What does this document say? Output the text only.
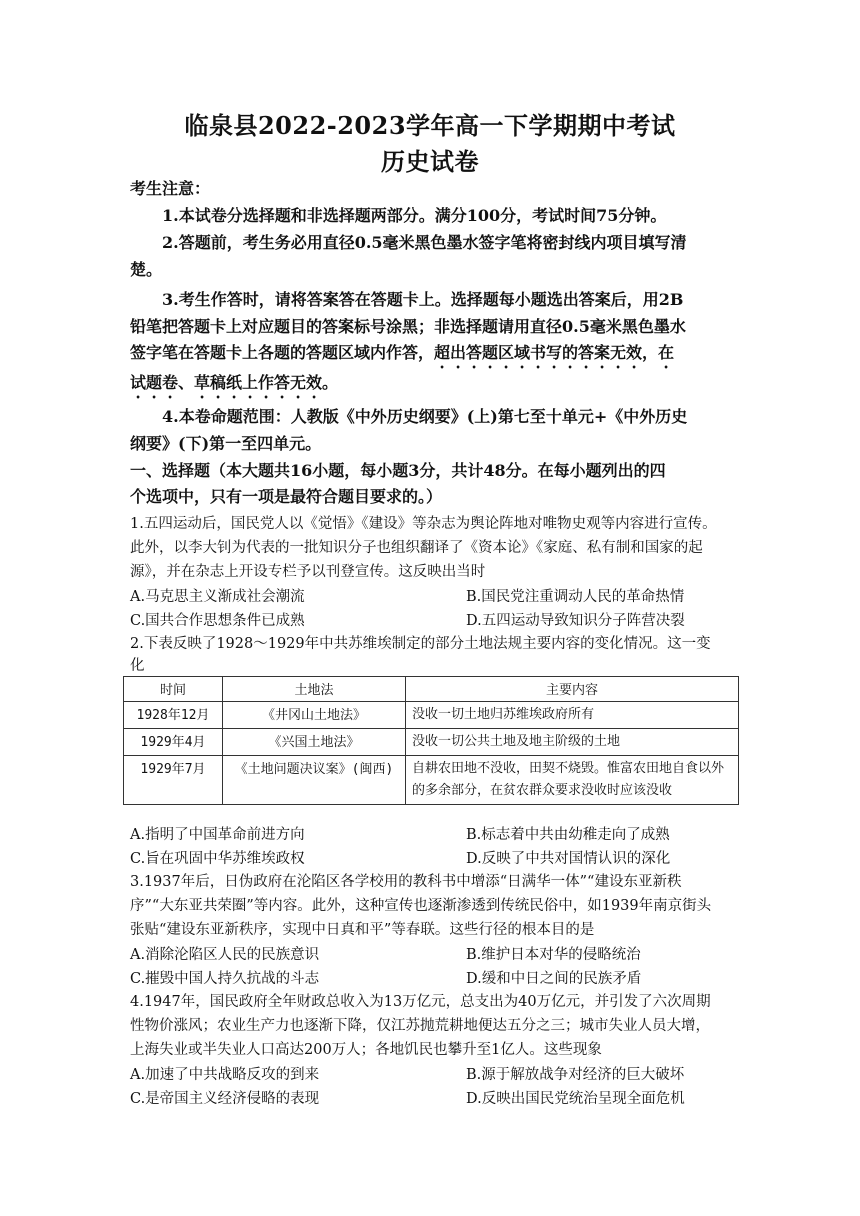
临泉县2022-2023学年高一下学期期中考试
历史试卷
考生注意：
1.本试卷分选择题和非选择题两部分。满分100分，考试时间75分钟。
2.答题前，考生务必用直径0.5毫米黑色墨水签字笔将密封线内项目填写清
楚。
3.考生作答时，请将答案答在答题卡上。选择题每小题选出答案后，用2B
铅笔把答题卡上对应题目的答案标号涂黑；非选择题请用直径0.5毫米黑色墨水
签字笔在答题卡上各题的答题区域内作答，超出答题区域书写的答案无效，在
试题卷、草稿纸上作答无效。
4.本卷命题范围：人教版《中外历史纲要》(上)第七至十单元+《中外历史
纲要》(下)第一至四单元。
一、选择题（本大题共16小题，每小题3分，共计48分。在每小题列出的四
个选项中，只有一项是最符合题目要求的。）
1.五四运动后，国民党人以《觉悟》《建设》等杂志为舆论阵地对唯物史观等内容进行宣传。
此外，以李大钊为代表的一批知识分子也组织翻译了《资本论》《家庭、私有制和国家的起
源》，并在杂志上开设专栏予以刊登宣传。这反映出当时
A.马克思主义渐成社会潮流	B.国民党注重调动人民的革命热情
C.国共合作思想条件已成熟	D.五四运动导致知识分子阵营决裂
2.下表反映了1928～1929年中共苏维埃制定的部分土地法规主要内容的变化情况。这一变
化
时间	土地法	主要内容
1928年12月	《井冈山土地法》	没收一切土地归苏维埃政府所有
1929年4月	《兴国土地法》	没收一切公共土地及地主阶级的土地
1929年7月	《土地问题决议案》(闽西)	自耕农田地不没收，田契不烧毁。惟富农田地自食以外的多余部分，在贫农群众要求没收时应该没收
A.指明了中国革命前进方向	B.标志着中共由幼稚走向了成熟
C.旨在巩固中华苏维埃政权	D.反映了中共对国情认识的深化
3.1937年后，日伪政府在沦陷区各学校用的教科书中增添“日满华一体”“建设东亚新秩
序”“大东亚共荣圈”等内容。此外，这种宣传也逐渐渗透到传统民俗中，如1939年南京街头
张贴“建设东亚新秩序，实现中日真和平”等春联。这些行径的根本目的是
A.消除沦陷区人民的民族意识	B.维护日本对华的侵略统治
C.摧毁中国人持久抗战的斗志	D.缓和中日之间的民族矛盾
4.1947年，国民政府全年财政总收入为13万亿元，总支出为40万亿元，并引发了六次周期
性物价涨风；农业生产力也逐渐下降，仅江苏抛荒耕地便达五分之三；城市失业人员大增，
上海失业或半失业人口高达200万人；各地饥民也攀升至1亿人。这些现象
A.加速了中共战略反攻的到来	B.源于解放战争对经济的巨大破坏
C.是帝国主义经济侵略的表现	D.反映出国民党统治呈现全面危机
